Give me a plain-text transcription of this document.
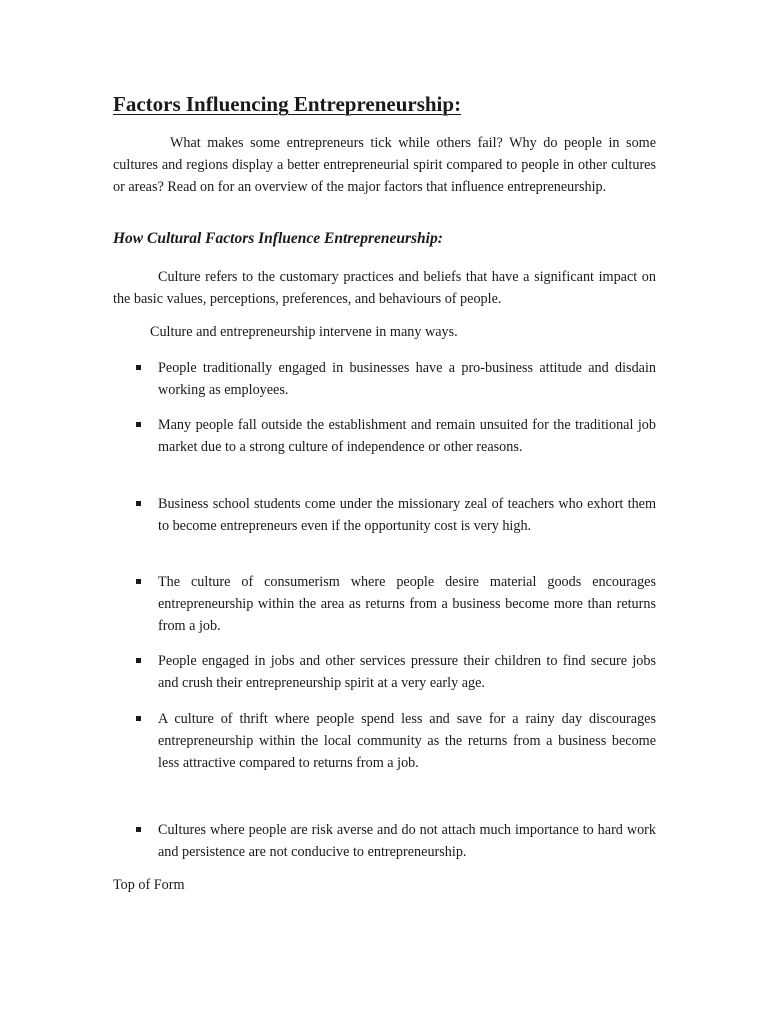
Factors Influencing Entrepreneurship:

What makes some entrepreneurs tick while others fail? Why do people in some cultures and regions display a better entrepreneurial spirit compared to people in other cultures or areas? Read on for an overview of the major factors that influence entrepreneurship.

How Cultural Factors Influence Entrepreneurship:

Culture refers to the customary practices and beliefs that have a significant impact on the basic values, perceptions, preferences, and behaviours of people.

Culture and entrepreneurship intervene in many ways.

People traditionally engaged in businesses have a pro-business attitude and disdain working as employees.
Many people fall outside the establishment and remain unsuited for the traditional job market due to a strong culture of independence or other reasons.
Business school students come under the missionary zeal of teachers who exhort them to become entrepreneurs even if the opportunity cost is very high.
The culture of consumerism where people desire material goods encourages entrepreneurship within the area as returns from a business become more than returns from a job.
People engaged in jobs and other services pressure their children to find secure jobs and crush their entrepreneurship spirit at a very early age.
A culture of thrift where people spend less and save for a rainy day discourages entrepreneurship within the local community as the returns from a business become less attractive compared to returns from a job.
Cultures where people are risk averse and do not attach much importance to hard work and persistence are not conducive to entrepreneurship.

Top of Form
